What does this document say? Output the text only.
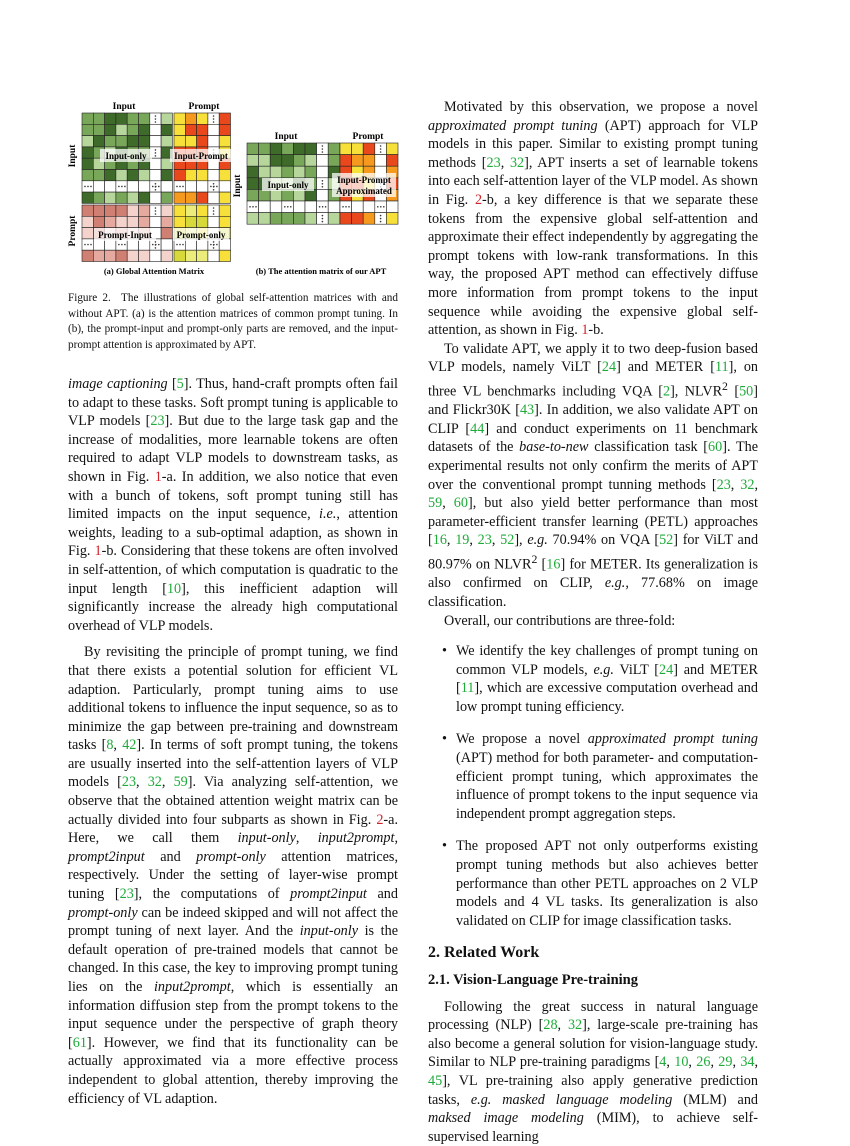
Input	Prompt
Input
Prompt
Input-only	Input-Prompt
Prompt-Input	Prompt-only
(a) Global Attention Matrix
Input	Prompt
Input	Input-only	Input-Prompt
Approximated
(b) The attention matrix of our APT

Figure 2. The illustrations of global self-attention matrices with and without APT. (a) is the attention matrices of common prompt tuning. In (b), the prompt-input and prompt-only parts are removed, and the input-prompt attention is approximated by APT.

image captioning [5]. Thus, hand-craft prompts often fail to adapt to these tasks. Soft prompt tuning is applicable to VLP models [23]. But due to the large task gap and the increase of modalities, more learnable tokens are often required to adapt VLP models to downstream tasks, as shown in Fig. 1-a. In addition, we also notice that even with a bunch of tokens, soft prompt tuning still has limited impacts on the input sequence, i.e., attention weights, leading to a sub-optimal adaption, as shown in Fig. 1-b. Considering that these tokens are often involved in self-attention, of which computation is quadratic to the input length [10], this inefficient adaption will significantly increase the already high computational overhead of VLP models.

By revisiting the principle of prompt tuning, we find that there exists a potential solution for efficient VL adaption. Particularly, prompt tuning aims to use additional tokens to influence the input sequence, so as to minimize the gap between pre-training and downstream tasks [8, 42]. In terms of soft prompt tuning, the tokens are usually inserted into the self-attention layers of VLP models [23, 32, 59]. Via analyzing self-attention, we observe that the obtained attention weight matrix can be actually divided into four subparts as shown in Fig. 2-a. Here, we call them input-only, input2prompt, prompt2input and prompt-only attention matrices, respectively. Under the setting of layer-wise prompt tuning [23], the computations of prompt2input and prompt-only can be indeed skipped and will not affect the prompt tuning of next layer. And the input-only is the default operation of pre-trained models that cannot be changed. In this case, the key to improving prompt tuning lies on the input2prompt, which is essentially an information diffusion step from the prompt tokens to the input sequence under the perspective of graph theory [61]. However, we find that its functionality can be actually approximated via a more effective process independent to global attention, thereby improving the efficiency of VL adaption.

Motivated by this observation, we propose a novel approximated prompt tuning (APT) approach for VLP models in this paper. Similar to existing prompt tuning methods [23, 32], APT inserts a set of learnable tokens into each self-attention layer of the VLP model. As shown in Fig. 2-b, a key difference is that we separate these tokens from the expensive global self-attention and approximate their effect independently by aggregating the prompt tokens with low-rank transformations. In this way, the proposed APT method can effectively diffuse more information from prompt tokens to the input sequence while avoiding the expensive global self-attention, as shown in Fig. 1-b.

To validate APT, we apply it to two deep-fusion based VLP models, namely ViLT [24] and METER [11], on three VL benchmarks including VQA [2], NLVR$^2$ [50] and Flickr30K [43]. In addition, we also validate APT on CLIP [44] and conduct experiments on 11 benchmark datasets of the base-to-new classification task [60]. The experimental results not only confirm the merits of APT over the conventional prompt tunning methods [23, 32, 59, 60], but also yield better performance than most parameter-efficient transfer learning (PETL) approaches [16, 19, 23, 52], e.g. 70.94% on VQA [52] for ViLT and 80.97% on NLVR$^2$ [16] for METER. Its generalization is also confirmed on CLIP, e.g., 77.68% on image classification.

Overall, our contributions are three-fold:

• We identify the key challenges of prompt tuning on common VLP models, e.g. ViLT [24] and METER [11], which are excessive computation overhead and low prompt tuning efficiency.
• We propose a novel approximated prompt tuning (APT) method for both parameter- and computation-efficient prompt tuning, which approximates the influence of prompt tokens to the input sequence via independent prompt aggregation steps.
• The proposed APT not only outperforms existing prompt tuning methods but also achieves better performance than other PETL approaches on 2 VLP models and 4 VL tasks. Its generalization is also validated on CLIP for image classification tasks.

2. Related Work

2.1. Vision-Language Pre-training

Following the great success in natural language processing (NLP) [28, 32], large-scale pre-training has also become a general solution for vision-language study. Similar to NLP pre-training paradigms [4, 10, 26, 29, 34, 45], VL pre-training also apply generative prediction tasks, e.g. masked language modeling (MLM) and maksed image modeling (MIM), to achieve self-supervised learning
